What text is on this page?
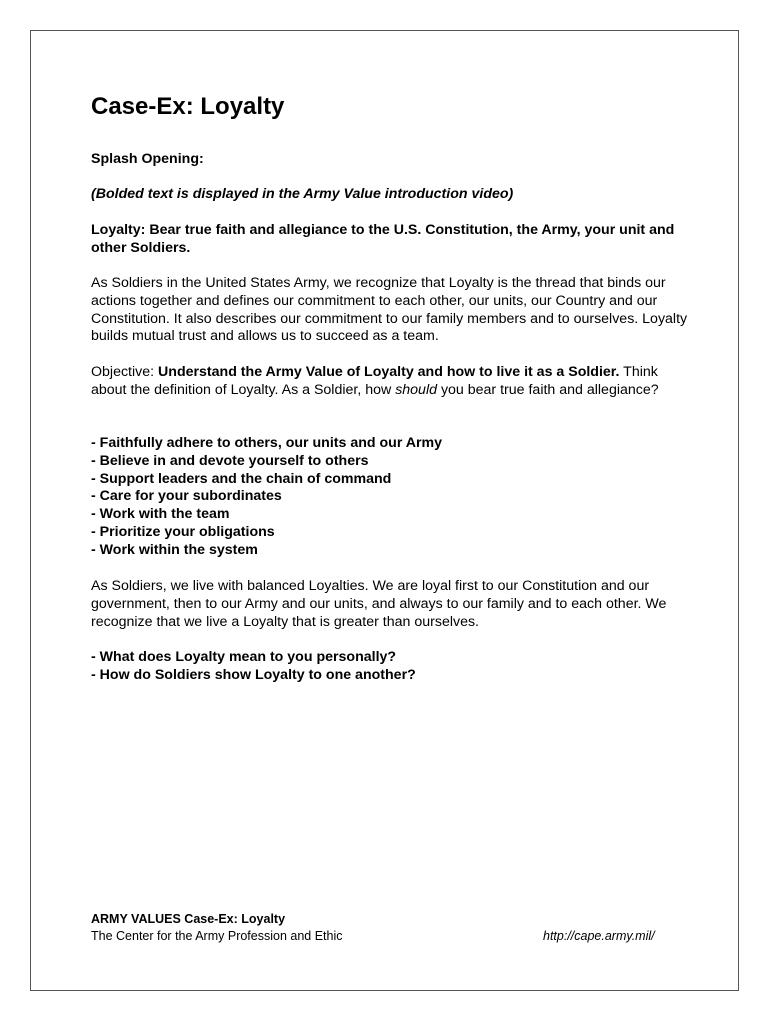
Case-Ex: Loyalty

Splash Opening:

(Bolded text is displayed in the Army Value introduction video)

Loyalty: Bear true faith and allegiance to the U.S. Constitution, the Army, your unit and other Soldiers.

As Soldiers in the United States Army, we recognize that Loyalty is the thread that binds our actions together and defines our commitment to each other, our units, our Country and our Constitution. It also describes our commitment to our family members and to ourselves. Loyalty builds mutual trust and allows us to succeed as a team.

Objective: Understand the Army Value of Loyalty and how to live it as a Soldier. Think about the definition of Loyalty. As a Soldier, how should you bear true faith and allegiance?

- Faithfully adhere to others, our units and our Army
- Believe in and devote yourself to others
- Support leaders and the chain of command
- Care for your subordinates
- Work with the team
- Prioritize your obligations
- Work within the system

As Soldiers, we live with balanced Loyalties. We are loyal first to our Constitution and our government, then to our Army and our units, and always to our family and to each other. We recognize that we live a Loyalty that is greater than ourselves.

- What does Loyalty mean to you personally?
- How do Soldiers show Loyalty to one another?

ARMY VALUES Case-Ex: Loyalty

The Center for the Army Profession and Ethic	http://cape.army.mil/
